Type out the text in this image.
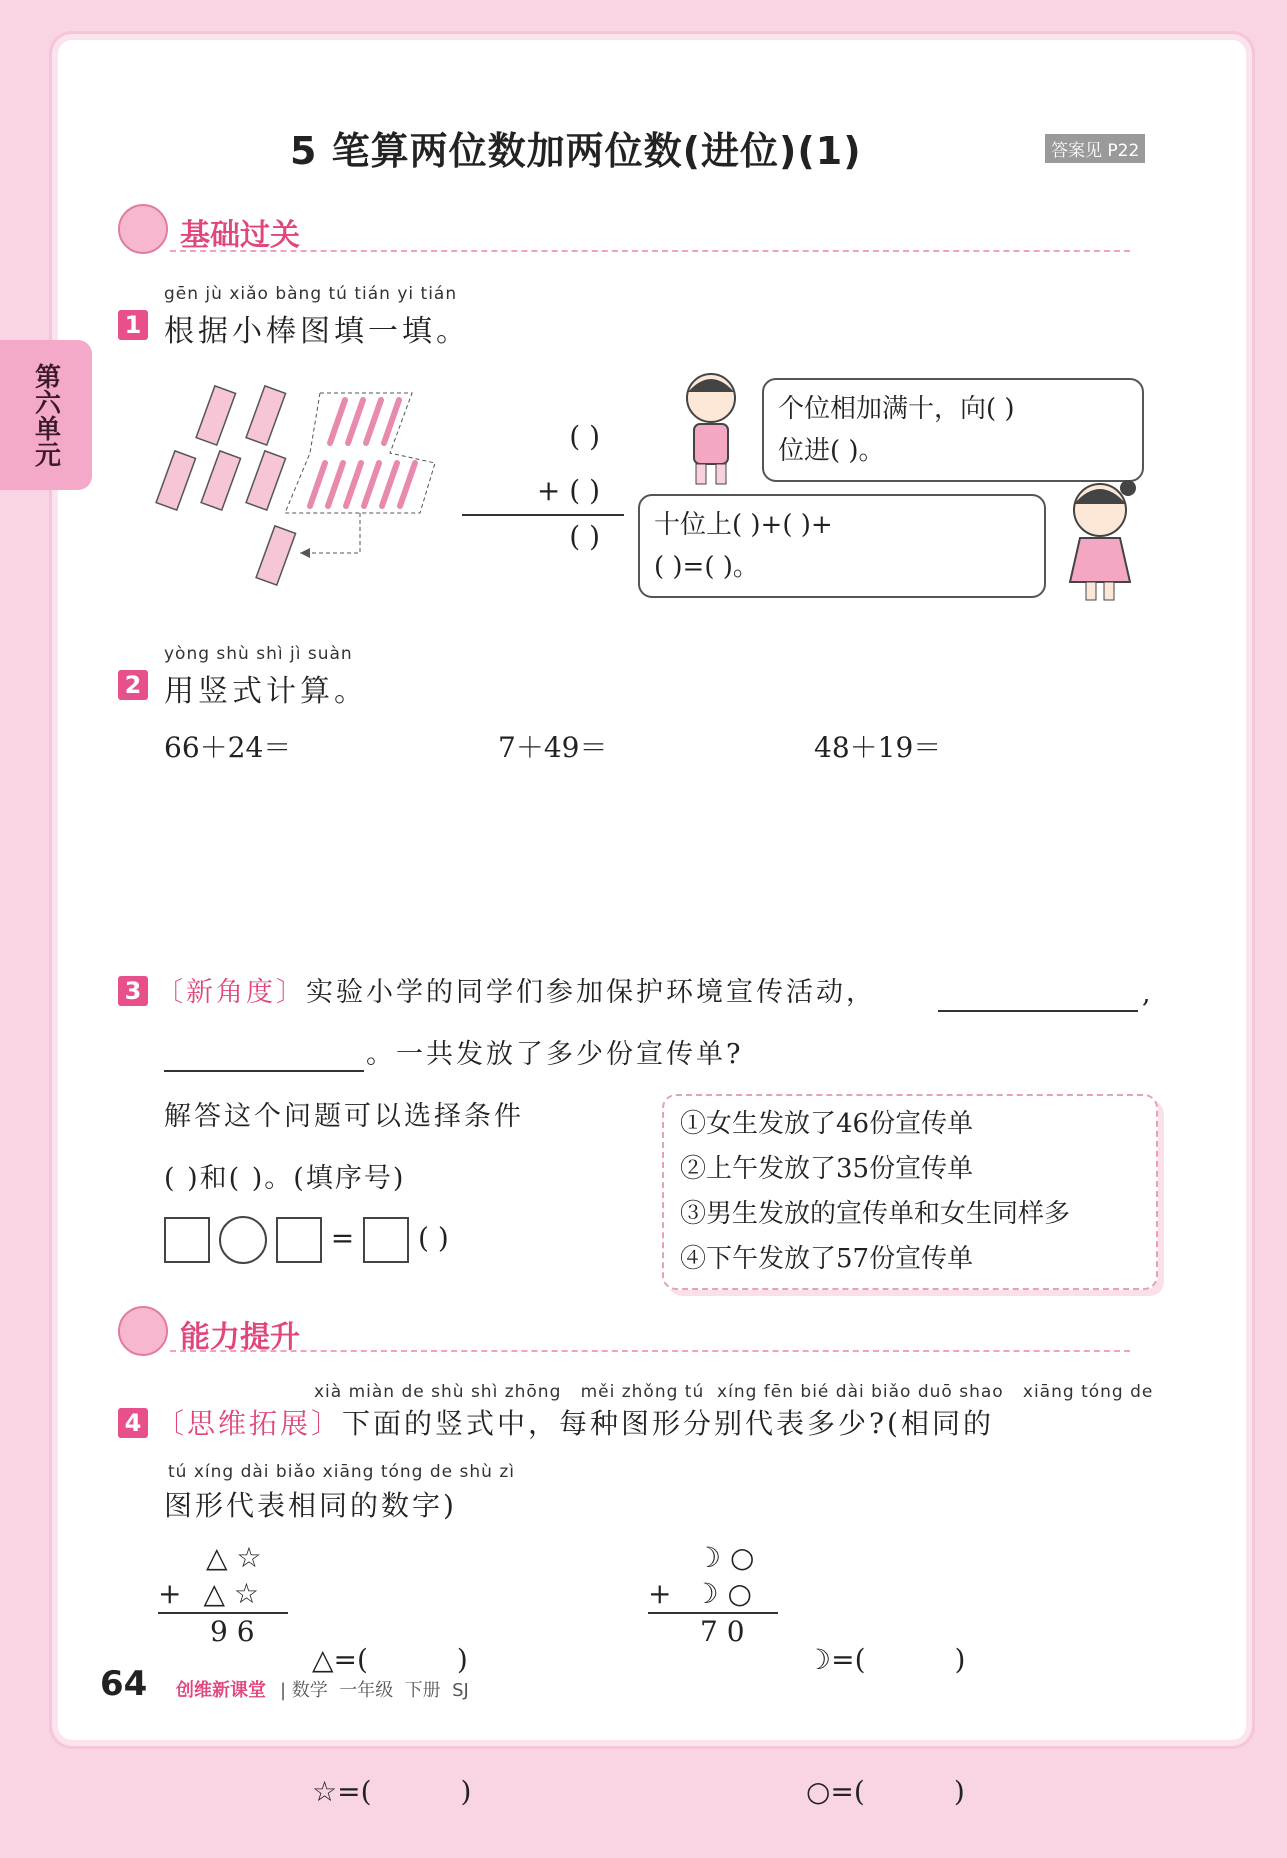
第六单元
5 笔算两位数加两位数(进位)(1)	答案见 P22
基础过关
gēn jù xiǎo bàng tú tián yi tián
1 根据小棒图填一填。
( )
+ ( )
( )
个位相加满十，向( )
位进( )。
十位上( )+( )+
( )=( )。
yòng shù shì jì suàn
2 用竖式计算。
66＋24＝	7＋49＝	48＋19＝
3 〔新角度〕实验小学的同学们参加保护环境宣传活动，	,
。一共发放了多少份宣传单?
解答这个问题可以选择条件
( )和( )。(填序号)
= ( )
①女生发放了46份宣传单
②上午发放了35份宣传单
③男生发放的宣传单和女生同样多
④下午发放了57份宣传单
能力提升
xià miàn de shù shì zhōng   měi zhǒng tú  xíng fēn bié dài biǎo duō shao   xiāng tóng de
4 〔思维拓展〕下面的竖式中，每种图形分别代表多少?(相同的
tú xíng dài biǎo xiāng tóng de shù zì
图形代表相同的数字)
△ ☆
+ △ ☆
9 6

△=(          )

☆=(          )

☽ ○
+ ☽ ○
7 0

☽=(          )

○=(          )

64 创维新课堂 | 数学  一年级  下册  SJ
